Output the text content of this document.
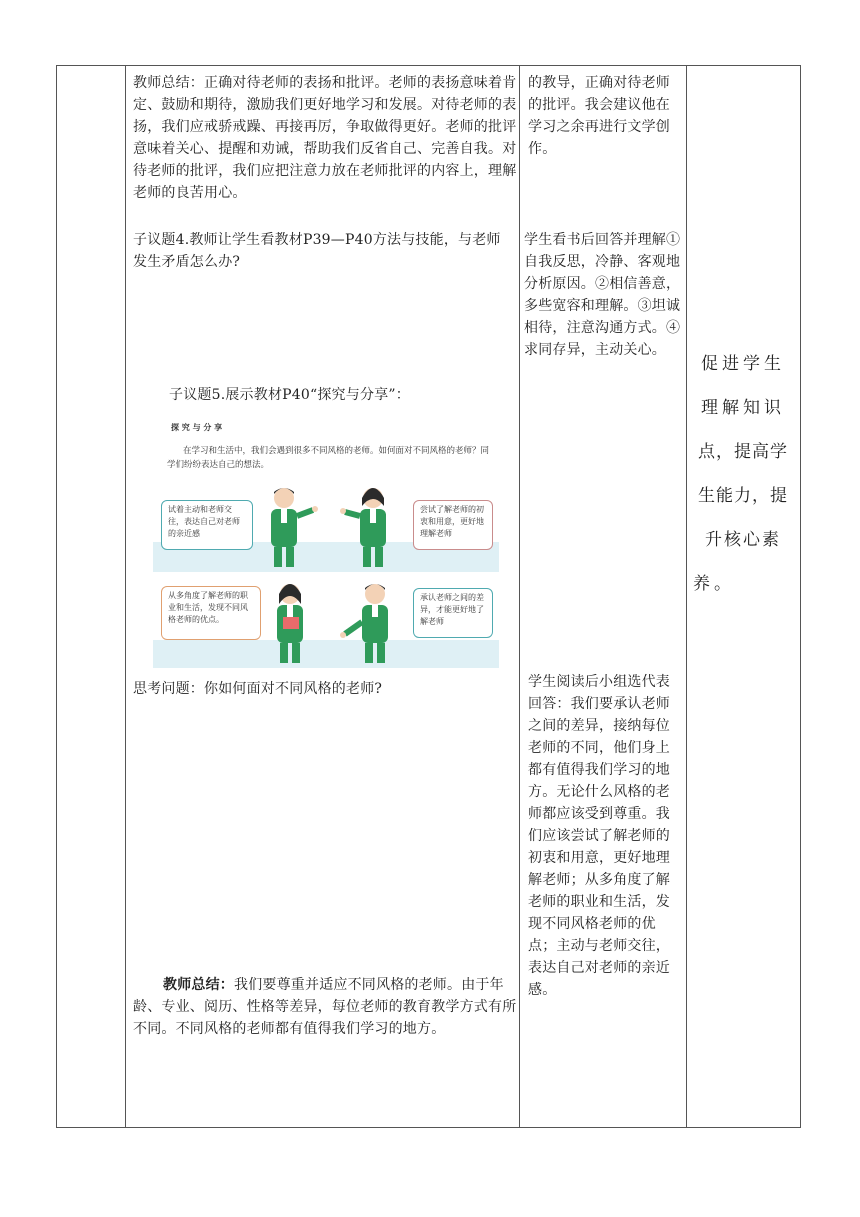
教师总结：正确对待老师的表扬和批评。老师的表扬意味着肯定、鼓励和期待，激励我们更好地学习和发展。对待老师的表扬，我们应戒骄戒躁、再接再厉，争取做得更好。老师的批评意味着关心、提醒和劝诫，帮助我们反省自己、完善自我。对待老师的批评，我们应把注意力放在老师批评的内容上，理解老师的良苦用心。
子议题4.教师让学生看教材P39—P40方法与技能，与老师发生矛盾怎么办?
子议题5.展示教材P40“探究与分享”：
思考问题：你如何面对不同风格的老师?
教师总结：我们要尊重并适应不同风格的老师。由于年龄、专业、阅历、性格等差异，每位老师的教育教学方式有所不同。不同风格的老师都有值得我们学习的地方。
探 究 与 分 享
在学习和生活中，我们会遇到很多不同风格的老师。如何面对不同风格的老师？同学们纷纷表达自己的想法。
试着主动和老师交往，表达自己对老师的亲近感
尝试了解老师的初衷和用意，更好地理解老师
从多角度了解老师的职业和生活，发现不同风格老师的优点。
承认老师之间的差异，才能更好地了解老师
的教导，正确对待老师的批评。我会建议他在学习之余再进行文学创作。
学生看书后回答并理解①自我反思，冷静、客观地分析原因。②相信善意，多些宽容和理解。③坦诚相待，注意沟通方式。④求同存异，主动关心。
学生阅读后小组选代表回答：我们要承认老师之间的差异，接纳每位老师的不同，他们身上都有值得我们学习的地方。无论什么风格的老师都应该受到尊重。我们应该尝试了解老师的初衷和用意，更好地理解老师；从多角度了解老师的职业和生活，发现不同风格老师的优点；主动与老师交往，表达自己对老师的亲近感。
促进学生
理解知识
点，提高学
生能力，提
升核心素
养。
